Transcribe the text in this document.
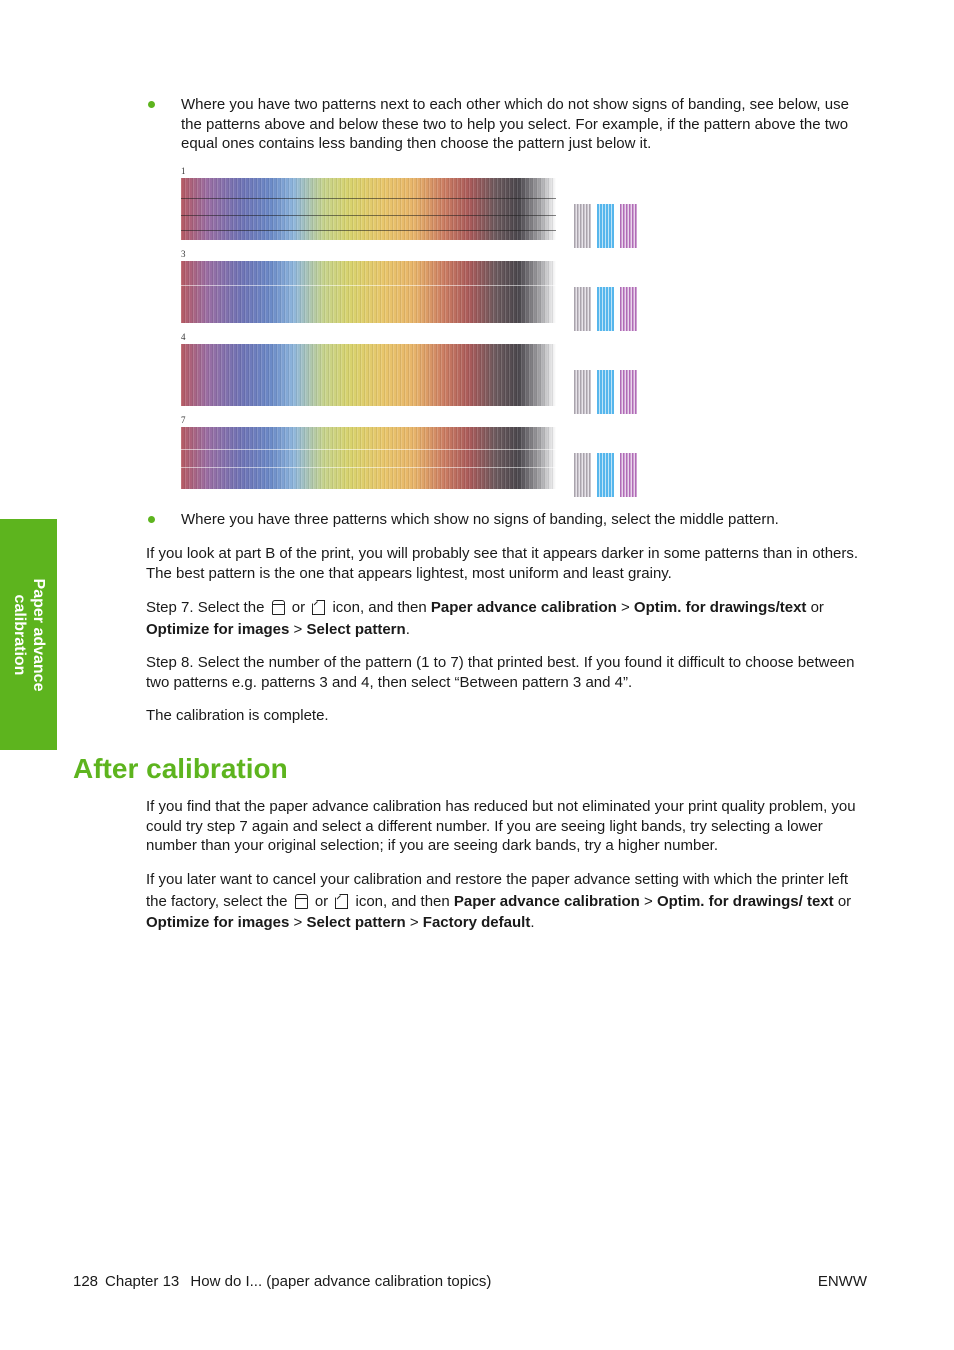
Paper advance
calibration
Where you have two patterns next to each other which do not show signs of banding, see below, use the patterns above and below these two to help you select. For example, if the pattern above the two equal ones contains less banding then choose the pattern just below it.
1
3
4
7
Where you have three patterns which show no signs of banding, select the middle pattern.
If you look at part B of the print, you will probably see that it appears darker in some patterns than in others. The best pattern is the one that appears lightest, most uniform and least grainy.
Step 7. Select the or icon, and then Paper advance calibration > Optim. for drawings/text or Optimize for images > Select pattern.
Step 8. Select the number of the pattern (1 to 7) that printed best. If you found it difficult to choose between two patterns e.g. patterns 3 and 4, then select “Between pattern 3 and 4”.
The calibration is complete.
After calibration
If you find that the paper advance calibration has reduced but not eliminated your print quality problem, you could try step 7 again and select a different number. If you are seeing light bands, try selecting a lower number than your original selection; if you are seeing dark bands, try a higher number.
If you later want to cancel your calibration and restore the paper advance setting with which the printer left the factory, select the or icon, and then Paper advance calibration > Optim. for drawings/ text or Optimize for images > Select pattern > Factory default.
128 Chapter 13 How do I... (paper advance calibration topics)	ENWW
